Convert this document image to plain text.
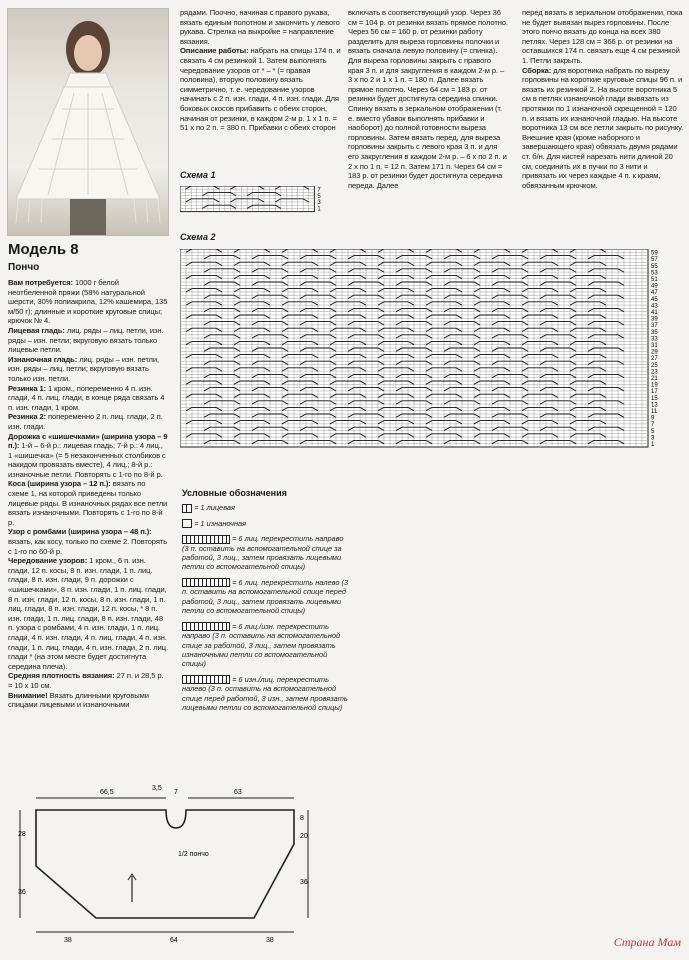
Модель 8
Пончо

Вам потребуется: 1000 г белой неотбеленной пряжи (58% натуральной шерсти, 30% полиакрила, 12% кашемира, 135 м/50 г); длинные и короткие круговые спицы; крючок № 4.

Лицевая гладь: лиц. ряды – лиц. петли, изн. ряды – изн. петли; вкруговую вязать только лицевые петли.

Изнаночная гладь: лиц. ряды – изн. петли, изн. ряды – лиц. петли; вкруговую вязать только изн. петли.

Резинка 1: 1 кром., попеременно 4 п. изн. глади, 4 п. лиц. глади, в конце ряда связать 4 п. изн. глади, 1 кром.

Резинка 2: попеременно 2 п. лиц. глади, 2 п. изн. глади.

Дорожка с «шишечками» (ширина узора – 9 п.): 1-й – 6-й р.: лицевая гладь; 7-й р.: 4 лиц., 1 «шишечка» (= 5 незаконченных столбиков с накидом провязать вместе), 4 лиц.; 8-й р.: изнаночные петли. Повторять с 1-го по 8-й р.

Коса (ширина узора – 12 п.): вязать по схеме 1, на которой приведены только лицевые ряды. В изнаночных рядах все петли вязать изнаночными. Повторять с 1-го по 8-й р.

Узор с ромбами (ширина узора – 48 п.): вязать, как косу, только по схеме 2. Повторять с 1-го по 60-й р.

Чередование узоров: 1 кром., 6 п. изн. глади, 12 п. косы, 8 п. изн. глади, 1 п. лиц. глади, 8 п. изн. глади, 9 п. дорожки с «шишечками», 8 п. изн. глади, 1 п. лиц. глади, 8 п. изн. глади, 12 п. косы, 8 п. изн. глади, 1 п. лиц. глади, 8 п. изн. глади, 12 п. косы, * 8 п. изн. глади, 1 п. лиц. глади, 8 п. изн. глади, 48 п. узора с ромбами, 4 п. изн. глади, 1 п. лиц. глади, 4 п. изн. глади, 4 п. лиц. глади, 4 п. изн. глади, 1 п. лиц. глади, 4 п. изн. глади, 2 п. лиц. глади * (на этом месте будет достигнута середина плеча).

Средняя плотность вязания: 27 п. и 28,5 р. = 10 х 10 см.

Внимание! Вязать длинными круговыми спицами лицевыми и изнаночными

рядами. Поочно, начиная с правого рукава, вязать единым полотном и закончить у левого рукава. Стрелка на выкройке = направление вязания.

Описание работы: набрать на спицы 174 п. и связать 4 см резинкой 1. Затем выполнять чередование узоров от * – * (= правая половина), вторую половину вязать симметрично, т. е. чередование узоров начинать с 2 п. изн. глади, 4 п. изн. глади. Для боковых скосов прибавить с обеих сторон, начиная от резинки, в каждом 2-м р. 1 х 1 п. = 51 х по 2 п. = 380 п. Прибавки с обеих сторон

включать в соответствующий узор. Через 36 см = 104 р. от резинки вязать прямое полотно. Через 56 см = 160 р. от резинки работу разделить для выреза горловины полочки и вязать сначала левую половину (= спинка). Для выреза горловины закрыть с правого края 3 п. и для закругления в каждом 2-м р. – 3 х по 2 и 1 х 1 п. = 180 п. Далее вязать прямое полотно. Через 64 см = 183 р. от резинки будет достигнута середина спинки. Спинку вязать в зеркальном отображении (т. е. вместо убавок выполнять прибавки и наоборот) до полной готовности выреза горловины. Затем вязать перед, для выреза горловины закрыть с левого края 3 п. и для его закругления в каждом 2-м р. – 6 х по 2 п. и 2 х по 1 п. = 12 п. Затем 171 п. Через 64 см = 183 р. от резинки будет достигнута середина переда. Далее

перед вязать в зеркальном отображении, пока не будет вывязан вырез горловины. После этого пончо вязать до конца на всех 380 петлях. Через 128 см = 366 р. от резинки на оставшихся 174 п. связать еще 4 см резинкой 1. Петли закрыть.

Сборка: для воротника набрать по вырезу горловины на короткие круговые спицы 96 п. и вязать их резинкой 2. На высоте воротника 5 см в петлях изнаночной глади вывязать из протяжки по 1 изнаночной скрещенной = 120 п. и вязать их изнаночной гладью. На высоте воротника 13 см все петли закрыть по рисунку. Внешние края (кроме наборного и завершающего края) обвязать двумя рядами ст. б/н. Для кистей нарезать нити длиной 20 см, соединить их в пучки по 3 нити и привязать их через каждые 4 п. к краям, обвязанным крючком.

Схема 1
1
3
5
7
Схема 2
1
3
5
7
9
11
13
15
17
19
21
23
25
27
29
31
33
35
37
39
41
43
45
47
49
51
53
55
57
59
Условные обозначения
= 1 лицевая
= 1 изнаночная
= 6 лиц. перекрестить направо (3 п. оставить на вспомогательной спице за работой, 3 лиц., затем провязать лицевыми петли со вспомогательной спицы)
= 6 лиц. перекрестить налево (3 п. оставить на вспомогательной спице перед работой, 3 лиц., затем провязать лицевыми петли со вспомогательной спицы)
= 6 лиц./изн. перекрестить направо (3 п. оставить на вспомогательной спице за работой, 3 лиц., затем провязать изнаночными петли со вспомогательной спицы)
= 6 изн./лиц. перекрестить налево (3 п. оставить на вспомогательной спице перед работой, 3 изн., затем провязать лицевыми петли со вспомогательной спицы)
66,5
3,5
7	63
28
8
20
1/2 пончо
36
36
38	64	38	Страна Мам
